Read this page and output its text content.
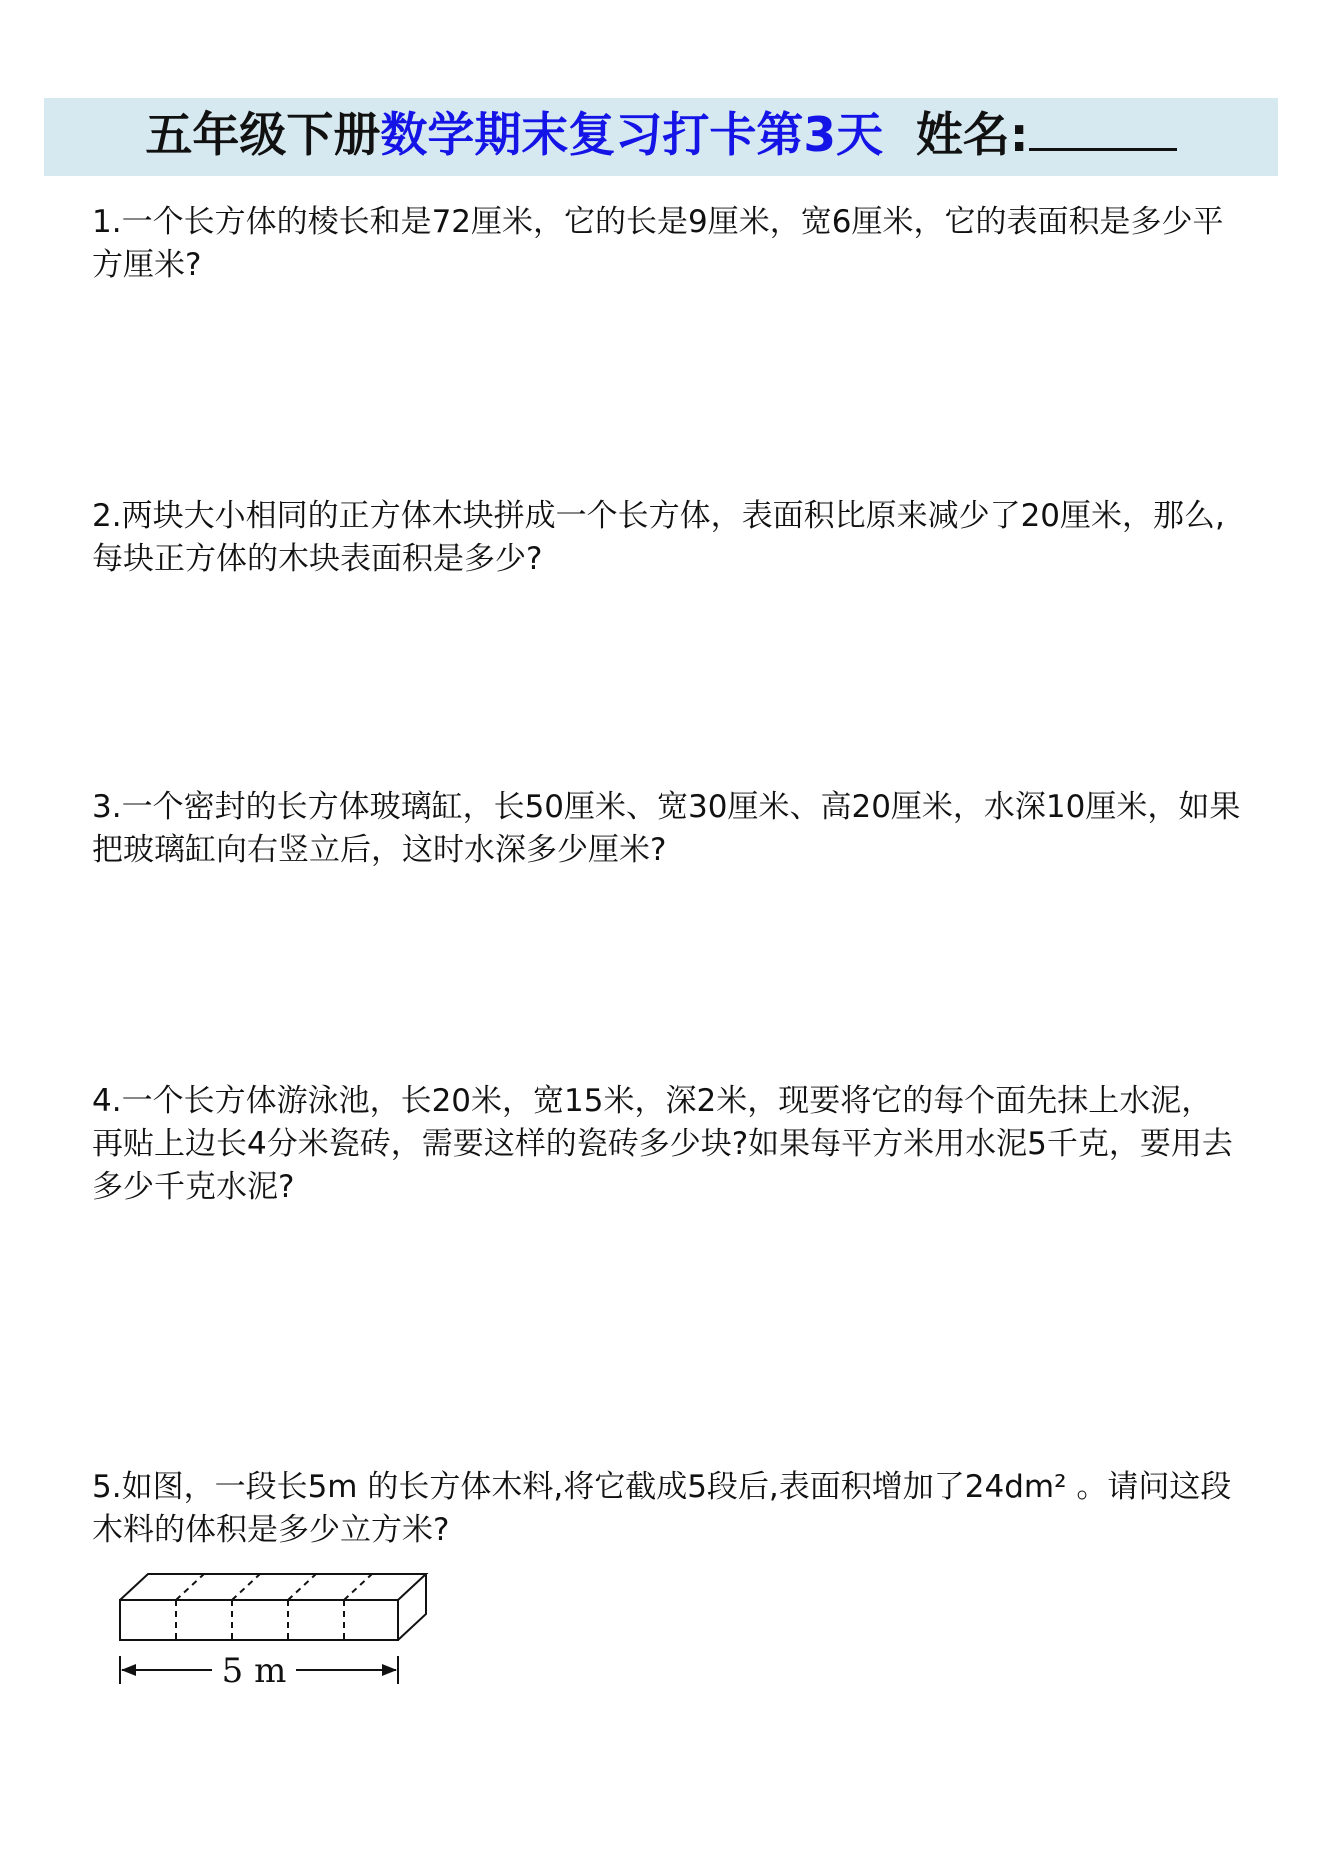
五年级下册数学期末复习打卡第3天 姓名:
1.一个长方体的棱长和是72厘米，它的长是9厘米，宽6厘米，它的表面积是多少平方厘米?
2.两块大小相同的正方体木块拼成一个长方体，表面积比原来减少了20厘米，那么,每块正方体的木块表面积是多少?
3.一个密封的长方体玻璃缸，长50厘米、宽30厘米、高20厘米，水深10厘米，如果把玻璃缸向右竖立后，这时水深多少厘米?
4.一个长方体游泳池，长20米，宽15米，深2米，现要将它的每个面先抹上水泥，再贴上边长4分米瓷砖，需要这样的瓷砖多少块?如果每平方米用水泥5千克，要用去多少千克水泥?
5.如图，一段长5m 的长方体木料,将它截成5段后,表面积增加了24dm² 。请问这段木料的体积是多少立方米?
5 m
